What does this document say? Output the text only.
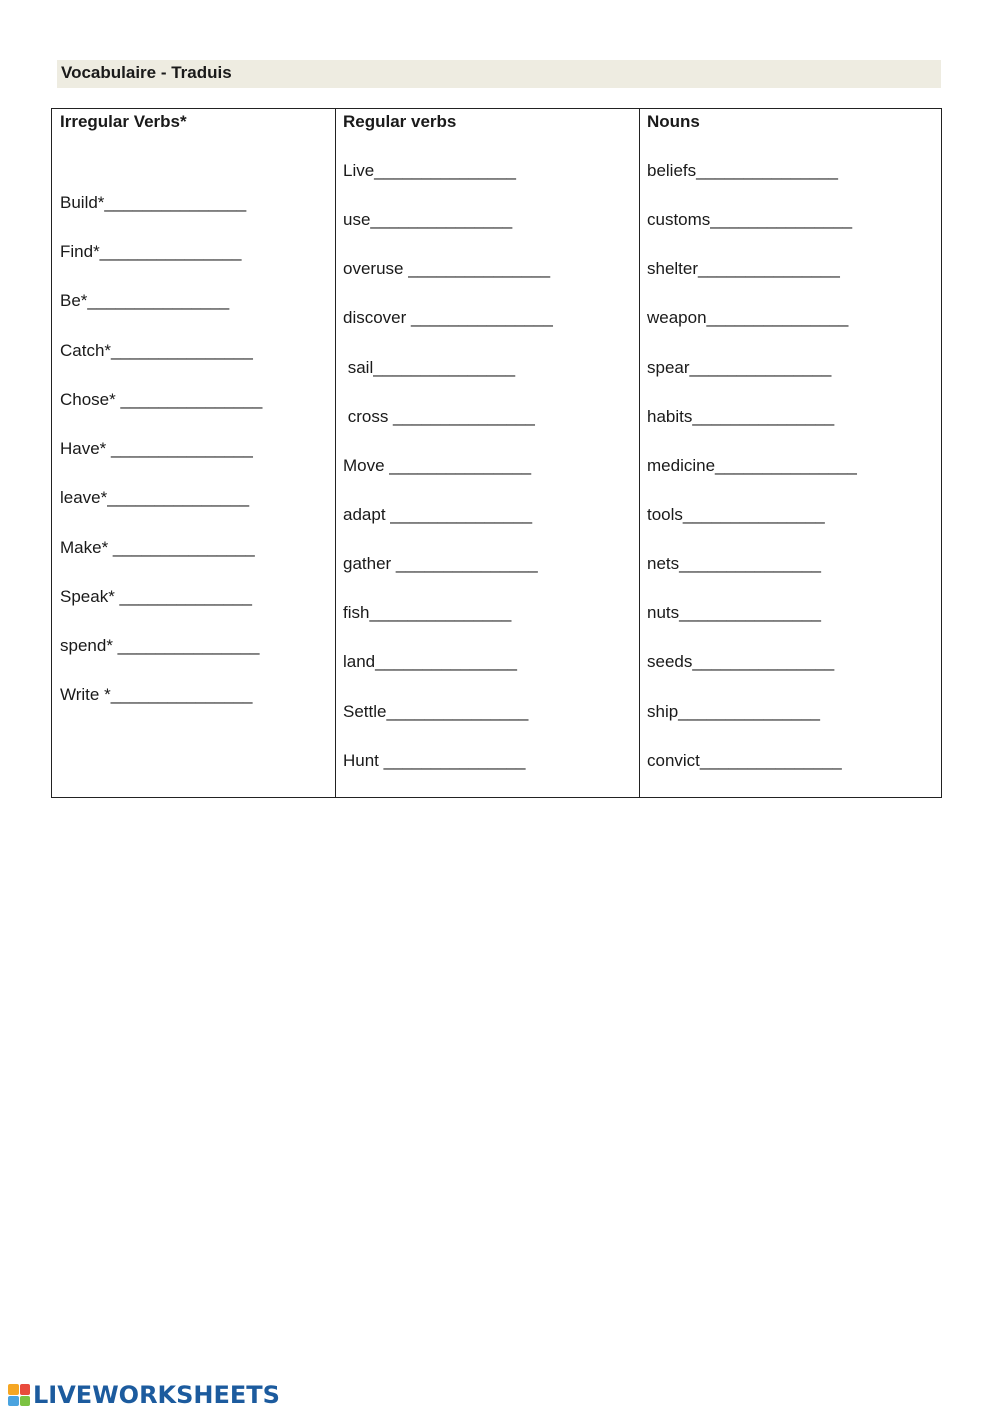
Vocabulaire - Traduis
Irregular Verbs*
Build*_______________
Find*_______________
Be*_______________
Catch*_______________
Chose* _______________
Have* _______________
leave*_______________
Make* _______________
Speak* ______________
spend* _______________
Write *_______________
Regular verbs
Live_______________
use_______________
overuse _______________
discover _______________
sail_______________
cross _______________
Move _______________
adapt _______________
gather _______________
fish_______________
land_______________
Settle_______________
Hunt _______________
Nouns
beliefs_______________
customs_______________
shelter_______________
weapon_______________
spear_______________
habits_______________
medicine_______________
tools_______________
nets_______________
nuts_______________
seeds_______________
ship_______________
convict_______________
LIVEWORKSHEETS
